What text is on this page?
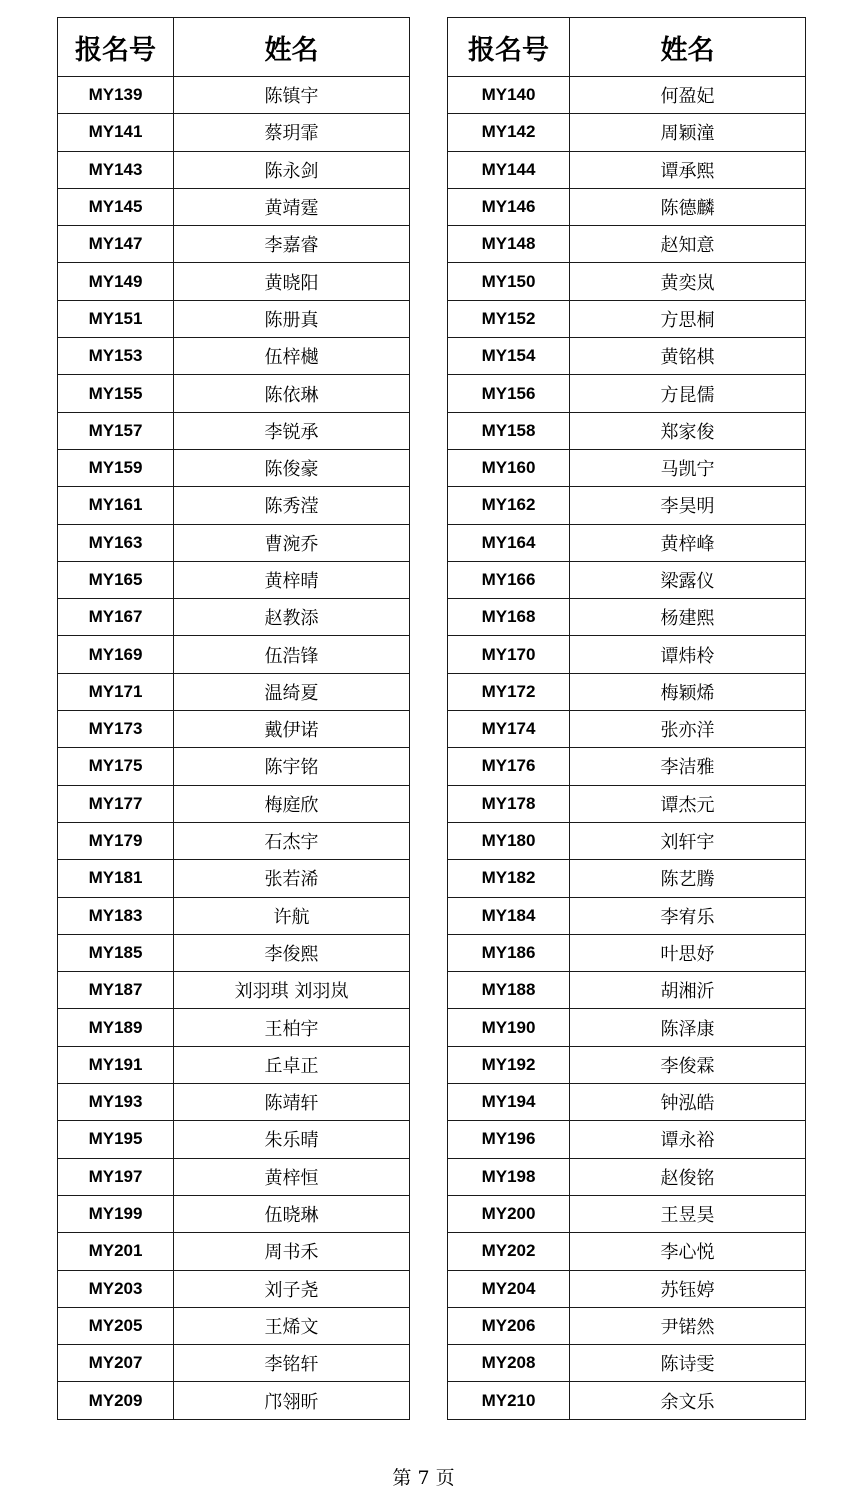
报名号	姓名
MY139	陈镇宇
MY141	蔡玥霏
MY143	陈永剑
MY145	黄靖霆
MY147	李嘉睿
MY149	黄晓阳
MY151	陈册真
MY153	伍梓樾
MY155	陈依琳
MY157	李锐承
MY159	陈俊豪
MY161	陈秀滢
MY163	曹涴乔
MY165	黄梓晴
MY167	赵教添
MY169	伍浩锋
MY171	温绮夏
MY173	戴伊诺
MY175	陈宇铭
MY177	梅庭欣
MY179	石杰宇
MY181	张若浠
MY183	许航
MY185	李俊熙
MY187	刘羽琪 刘羽岚
MY189	王柏宇
MY191	丘卓正
MY193	陈靖轩
MY195	朱乐晴
MY197	黄梓恒
MY199	伍晓琳
MY201	周书禾
MY203	刘子尧
MY205	王烯文
MY207	李铭轩
MY209	邝翎昕
报名号	姓名
MY140	何盈妃
MY142	周颖潼
MY144	谭承熙
MY146	陈德麟
MY148	赵知意
MY150	黄奕岚
MY152	方思桐
MY154	黄铭棋
MY156	方昆儒
MY158	郑家俊
MY160	马凯宁
MY162	李昊明
MY164	黄梓峰
MY166	梁露仪
MY168	杨建熙
MY170	谭炜柃
MY172	梅颖烯
MY174	张亦洋
MY176	李洁雅
MY178	谭杰元
MY180	刘轩宇
MY182	陈艺腾
MY184	李宥乐
MY186	叶思妤
MY188	胡湘沂
MY190	陈泽康
MY192	李俊霖
MY194	钟泓皓
MY196	谭永裕
MY198	赵俊铭
MY200	王昱昊
MY202	李心悦
MY204	苏钰婷
MY206	尹锘然
MY208	陈诗雯
MY210	余文乐
第 7 页
